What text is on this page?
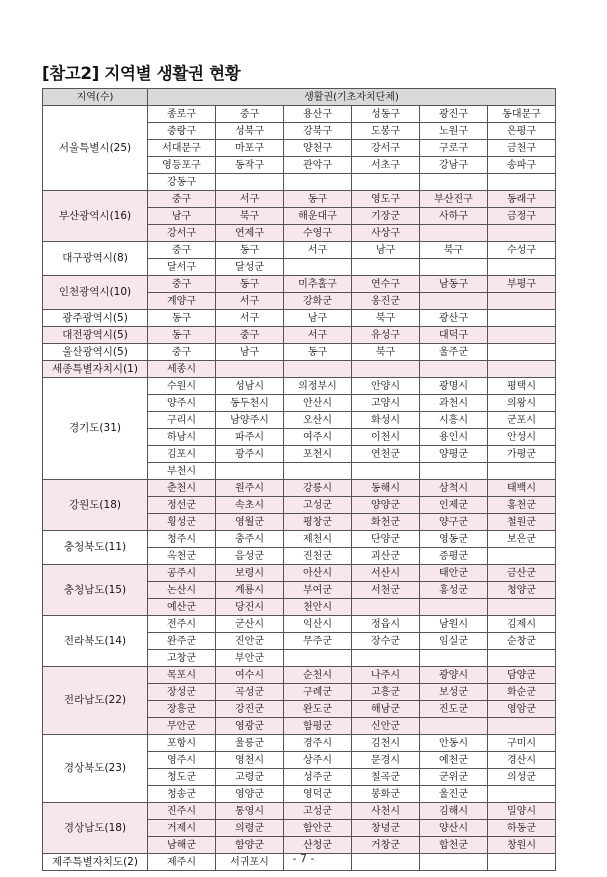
[참고2] 지역별 생활권 현황
지역(수)	생활권(기초자치단체)					
서울특별시(25)	종로구	중구	용산구	성동구	광진구	동대문구
	중랑구	성북구	강북구	도봉구	노원구	은평구
	서대문구	마포구	양천구	강서구	구로구	금천구
	영등포구	동작구	관악구	서초구	강남구	송파구
	강동구					
부산광역시(16)	중구	서구	동구	영도구	부산진구	동래구
	남구	북구	해운대구	기장군	사하구	금정구
	강서구	연제구	수영구	사상구		
대구광역시(8)	중구	동구	서구	남구	북구	수성구
	달서구	달성군				
인천광역시(10)	중구	동구	미추홀구	연수구	남동구	부평구
	계양구	서구	강화군	옹진군		
광주광역시(5)	동구	서구	남구	북구	광산구	
대전광역시(5)	동구	중구	서구	유성구	대덕구	
울산광역시(5)	중구	남구	동구	북구	울주군	
세종특별자치시(1)	세종시					
경기도(31)	수원시	성남시	의정부시	안양시	광명시	평택시
	양주시	동두천시	안산시	고양시	과천시	의왕시
	구리시	남양주시	오산시	화성시	시흥시	군포시
	하남시	파주시	여주시	이천시	용인시	안성시
	김포시	광주시	포천시	연천군	양평군	가평군
	부천시					
강원도(18)	춘천시	원주시	강릉시	동해시	삼척시	태백시
	정선군	속초시	고성군	양양군	인제군	홍천군
	횡성군	영월군	평창군	화천군	양구군	철원군
충청북도(11)	청주시	충주시	제천시	단양군	영동군	보은군
	옥천군	음성군	진천군	괴산군	증평군	
충청남도(15)	공주시	보령시	아산시	서산시	태안군	금산군
	논산시	계룡시	부여군	서천군	홍성군	청양군
	예산군	당진시	천안시			
전라북도(14)	전주시	군산시	익산시	정읍시	남원시	김제시
	완주군	진안군	무주군	장수군	임실군	순창군
	고창군	부안군				
전라남도(22)	목포시	여수시	순천시	나주시	광양시	담양군
	장성군	곡성군	구례군	고흥군	보성군	화순군
	장흥군	강진군	완도군	해남군	진도군	영암군
	무안군	영광군	함평군	신안군		
경상북도(23)	포항시	울릉군	경주시	김천시	안동시	구미시
	영주시	영천시	상주시	문경시	예천군	경산시
	청도군	고령군	성주군	칠곡군	군위군	의성군
	청송군	영양군	영덕군	봉화군	울진군	
경상남도(18)	진주시	통영시	고성군	사천시	김해시	밀양시
	거제시	의령군	함안군	창녕군	양산시	하동군
	남해군	함양군	산청군	거창군	합천군	창원시
제주특별자치도(2)	제주시	서귀포시					- 7 -
